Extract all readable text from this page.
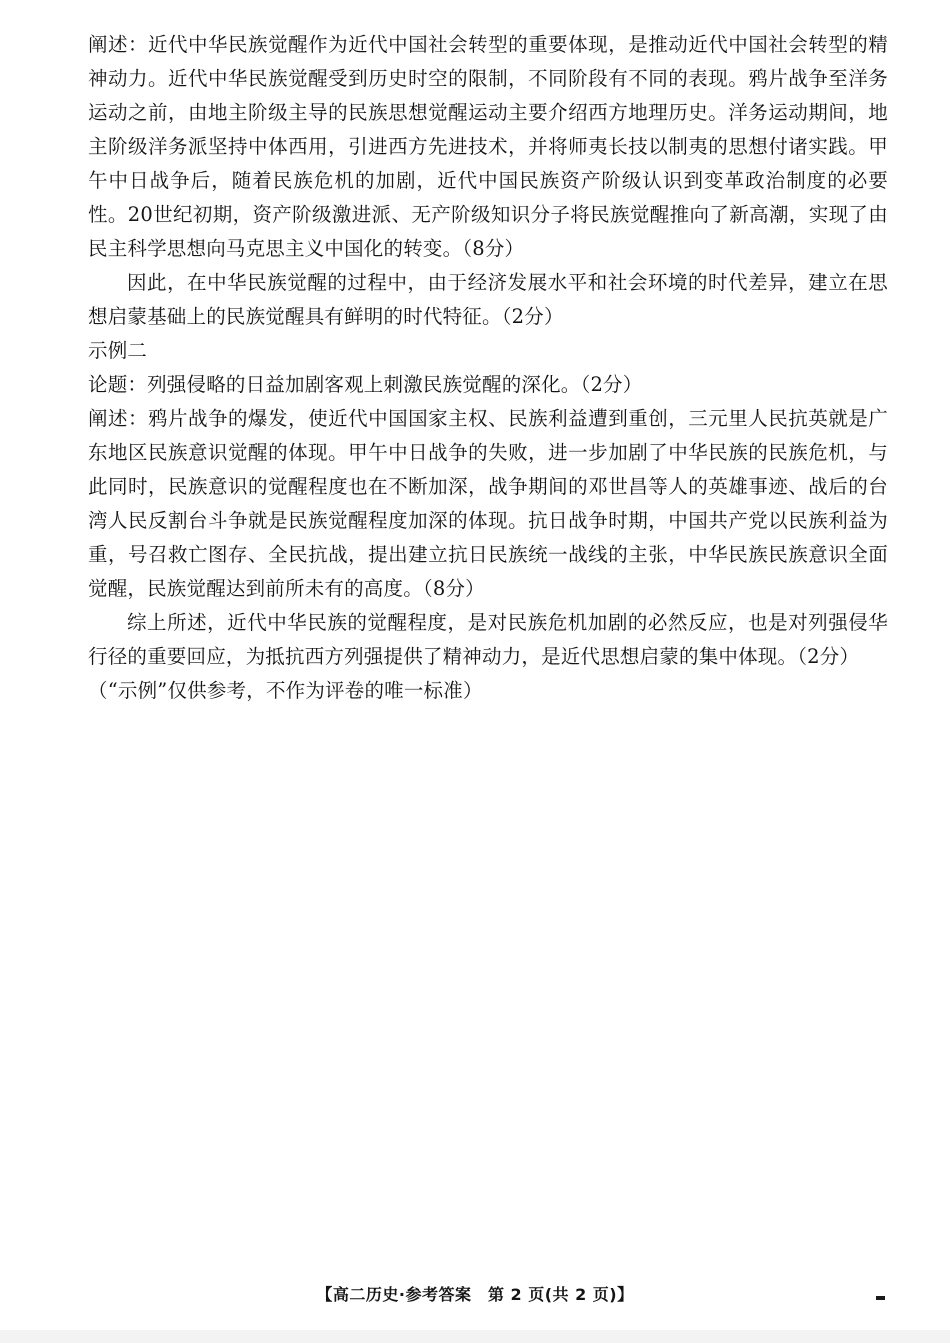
阐述：近代中华民族觉醒作为近代中国社会转型的重要体现，是推动近代中国社会转型的精神动力。近代中华民族觉醒受到历史时空的限制，不同阶段有不同的表现。鸦片战争至洋务运动之前，由地主阶级主导的民族思想觉醒运动主要介绍西方地理历史。洋务运动期间，地主阶级洋务派坚持中体西用，引进西方先进技术，并将师夷长技以制夷的思想付诸实践。甲午中日战争后，随着民族危机的加剧，近代中国民族资产阶级认识到变革政治制度的必要性。20世纪初期，资产阶级激进派、无产阶级知识分子将民族觉醒推向了新高潮，实现了由民主科学思想向马克思主义中国化的转变。（8分）

因此，在中华民族觉醒的过程中，由于经济发展水平和社会环境的时代差异，建立在思想启蒙基础上的民族觉醒具有鲜明的时代特征。（2分）

示例二

论题：列强侵略的日益加剧客观上刺激民族觉醒的深化。（2分）

阐述：鸦片战争的爆发，使近代中国国家主权、民族利益遭到重创，三元里人民抗英就是广东地区民族意识觉醒的体现。甲午中日战争的失败，进一步加剧了中华民族的民族危机，与此同时，民族意识的觉醒程度也在不断加深，战争期间的邓世昌等人的英雄事迹、战后的台湾人民反割台斗争就是民族觉醒程度加深的体现。抗日战争时期，中国共产党以民族利益为重，号召救亡图存、全民抗战，提出建立抗日民族统一战线的主张，中华民族民族意识全面觉醒，民族觉醒达到前所未有的高度。（8分）

综上所述，近代中华民族的觉醒程度，是对民族危机加剧的必然反应，也是对列强侵华行径的重要回应，为抵抗西方列强提供了精神动力，是近代思想启蒙的集中体现。（2分）

（“示例”仅供参考，不作为评卷的唯一标准）

【高二历史·参考答案　第 2 页(共 2 页)】
